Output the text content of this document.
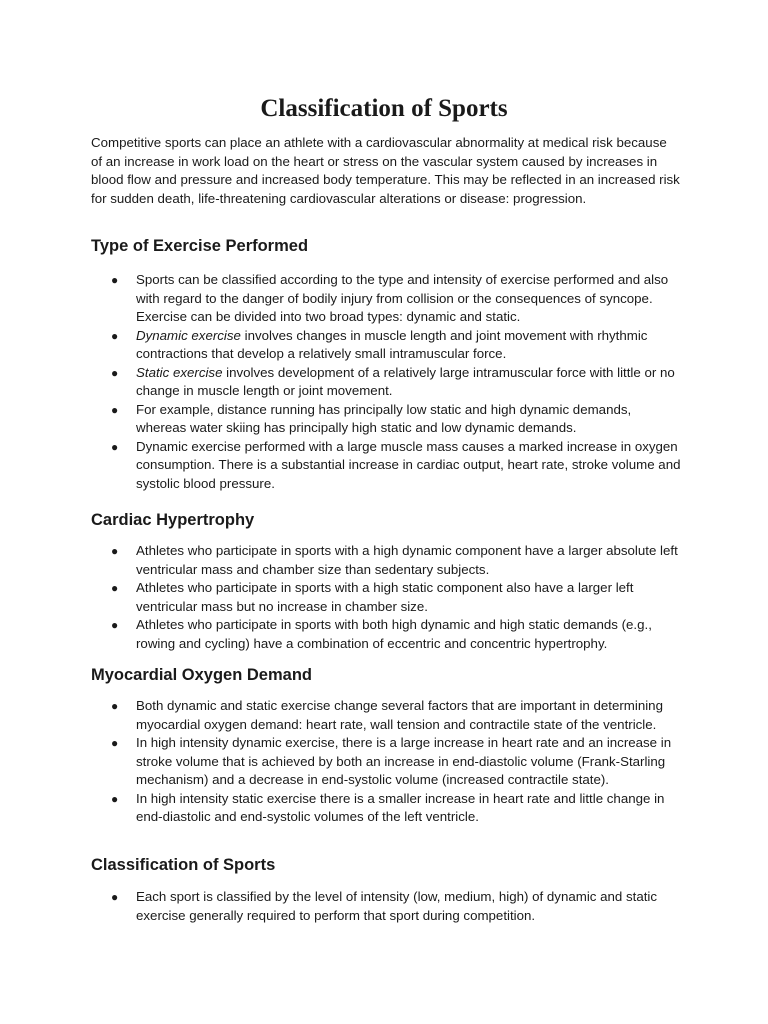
Classification of Sports

Competitive sports can place an athlete with a cardiovascular abnormality at medical risk because of an increase in work load on the heart or stress on the vascular system caused by increases in blood flow and pressure and increased body temperature. This may be reflected in an increased risk for sudden death, life-threatening cardiovascular alterations or disease: progression.

Type of Exercise Performed
● Sports can be classified according to the type and intensity of exercise performed and also with regard to the danger of bodily injury from collision or the consequences of syncope. Exercise can be divided into two broad types: dynamic and static.
● Dynamic exercise involves changes in muscle length and joint movement with rhythmic contractions that develop a relatively small intramuscular force.
● Static exercise involves development of a relatively large intramuscular force with little or no change in muscle length or joint movement.
● For example, distance running has principally low static and high dynamic demands, whereas water skiing has principally high static and low dynamic demands.
● Dynamic exercise performed with a large muscle mass causes a marked increase in oxygen consumption. There is a substantial increase in cardiac output, heart rate, stroke volume and systolic blood pressure.
Cardiac Hypertrophy
● Athletes who participate in sports with a high dynamic component have a larger absolute left ventricular mass and chamber size than sedentary subjects.
● Athletes who participate in sports with a high static component also have a larger left ventricular mass but no increase in chamber size.
● Athletes who participate in sports with both high dynamic and high static demands (e.g., rowing and cycling) have a combination of eccentric and concentric hypertrophy.
Myocardial Oxygen Demand
● Both dynamic and static exercise change several factors that are important in determining myocardial oxygen demand: heart rate, wall tension and contractile state of the ventricle.
● In high intensity dynamic exercise, there is a large increase in heart rate and an increase in stroke volume that is achieved by both an increase in end-diastolic volume (Frank-Starling mechanism) and a decrease in end-systolic volume (increased contractile state).
● In high intensity static exercise there is a smaller increase in heart rate and little change in end-diastolic and end-systolic volumes of the left ventricle.
Classification of Sports
● Each sport is classified by the level of intensity (low, medium, high) of dynamic and static exercise generally required to perform that sport during competition.
